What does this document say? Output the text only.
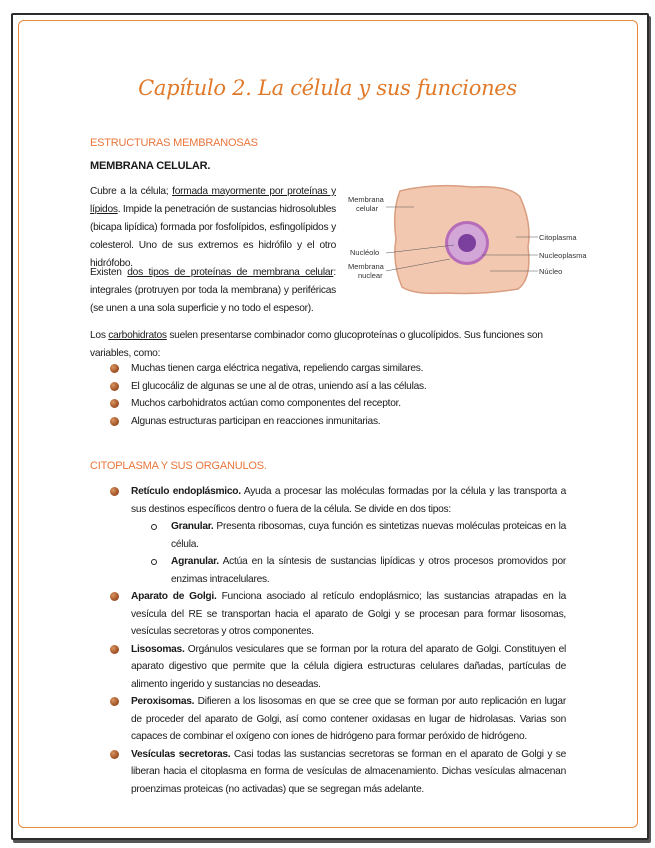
Capítulo 2. La célula y sus funciones
ESTRUCTURAS MEMBRANOSAS
MEMBRANA CELULAR.
Cubre a la célula; formada mayormente por proteínas y lípidos. Impide la penetración de sustancias hidrosolubles (bicapa lipídica) formada por fosfolípidos, esfingolípidos y colesterol. Uno de sus extremos es hidrófilo y el otro hidrófobo.
Existen dos tipos de proteínas de membrana celular: integrales (protruyen por toda la membrana) y periféricas (se unen a una sola superficie y no todo el espesor).
Los carbohidratos suelen presentarse combinador como glucoproteínas o glucolípidos. Sus funciones son variables, como:
Muchas tienen carga eléctrica negativa, repeliendo cargas similares.
El glucocáliz de algunas se une al de otras, uniendo así a las células.
Muchos carbohidratos actúan como componentes del receptor.
Algunas estructuras participan en reacciones inmunitarias.
Membrana
celular
Nucléolo
Membrana
nuclear
Citoplasma
Nucleoplasma
Núcleo
CITOPLASMA Y SUS ORGANULOS.
Retículo endoplásmico. Ayuda a procesar las moléculas formadas por la célula y las transporta a sus destinos específicos dentro o fuera de la célula. Se divide en dos tipos:
Granular. Presenta ribosomas, cuya función es sintetizas nuevas moléculas proteicas en la célula.
Agranular. Actúa en la síntesis de sustancias lipídicas y otros procesos promovidos por enzimas intracelulares.
Aparato de Golgi. Funciona asociado al retículo endoplásmico; las sustancias atrapadas en la vesícula del RE se transportan hacia el aparato de Golgi y se procesan para formar lisosomas, vesículas secretoras y otros componentes.
Lisosomas. Orgánulos vesiculares que se forman por la rotura del aparato de Golgi. Constituyen el aparato digestivo que permite que la célula digiera estructuras celulares dañadas, partículas de alimento ingerido y sustancias no deseadas.
Peroxisomas. Difieren a los lisosomas en que se cree que se forman por auto replicación en lugar de proceder del aparato de Golgi, así como contener oxidasas en lugar de hidrolasas. Varias son capaces de combinar el oxígeno con iones de hidrógeno para formar peróxido de hidrógeno.
Vesículas secretoras. Casi todas las sustancias secretoras se forman en el aparato de Golgi y se liberan hacia el citoplasma en forma de vesículas de almacenamiento. Dichas vesículas almacenan proenzimas proteicas (no activadas) que se segregan más adelante.
